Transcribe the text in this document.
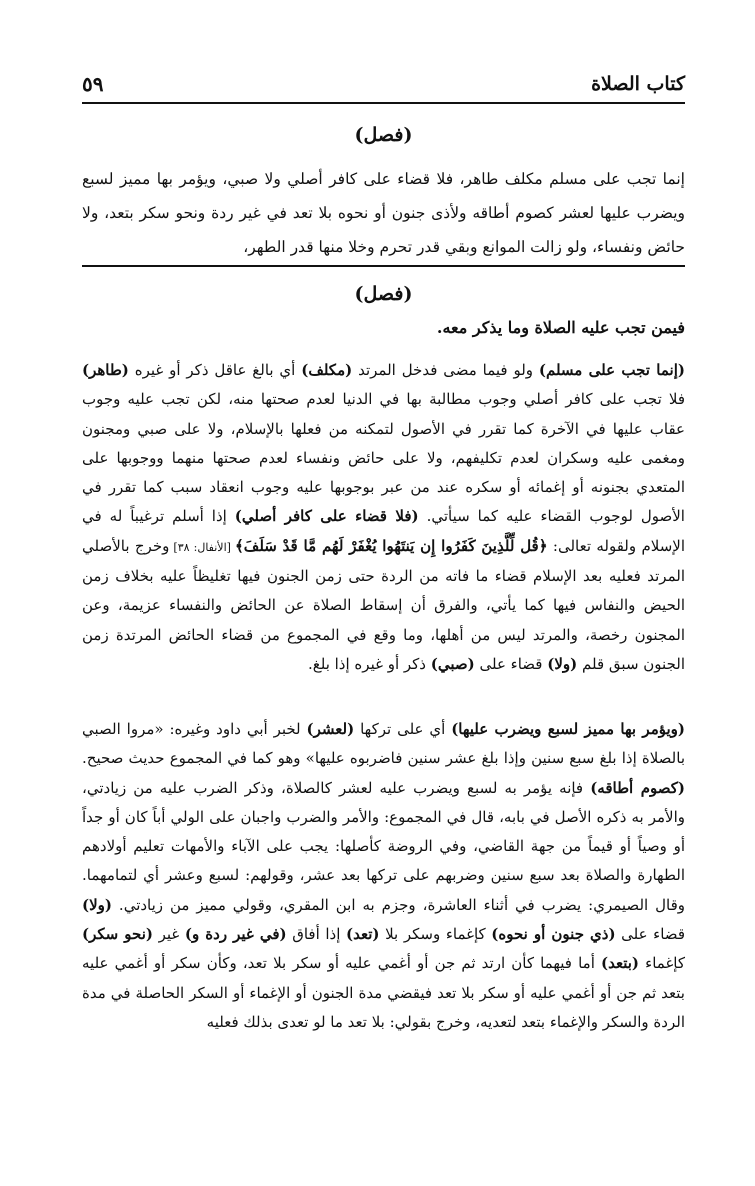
كتاب الصلاة
٥٩
(فصل)
إنما تجب على مسلم مكلف طاهر، فلا قضاء على كافر أصلي ولا صبي، ويؤمر بها مميز لسبع ويضرب عليها لعشر كصوم أطاقه ولأذى جنون أو نحوه بلا تعد في غير ردة ونحو سكر بتعد، ولا حائض ونفساء، ولو زالت الموانع وبقي قدر تحرم وخلا منها قدر الطهر،
(فصل)
فيمن تجب عليه الصلاة وما يذكر معه.

(إنما تجب على مسلم) ولو فيما مضى فدخل المرتد (مكلف) أي بالغ عاقل ذكر أو غيره (طاهر) فلا تجب على كافر أصلي وجوب مطالبة بها في الدنيا لعدم صحتها منه، لكن تجب عليه وجوب عقاب عليها في الآخرة كما تقرر في الأصول لتمكنه من فعلها بالإسلام، ولا على صبي ومجنون ومغمى عليه وسكران لعدم تكليفهم، ولا على حائض ونفساء لعدم صحتها منهما ووجوبها على المتعدي بجنونه أو إغمائه أو سكره عند من عبر بوجوبها عليه وجوب انعقاد سبب كما تقرر في الأصول لوجوب القضاء عليه كما سيأتي. (فلا قضاء على كافر أصلي) إذا أسلم ترغيباً له في الإسلام ولقوله تعالى: ﴿قُل لِّلَّذِينَ كَفَرُوا إِن يَنتَهُوا يُغْفَرْ لَهُم مَّا قَدْ سَلَفَ﴾ [الأنفال: ٣٨] وخرج بالأصلي المرتد فعليه بعد الإسلام قضاء ما فاته من الردة حتى زمن الجنون فيها تغليظاً عليه بخلاف زمن الحيض والنفاس فيها كما يأتي، والفرق أن إسقاط الصلاة عن الحائض والنفساء عزيمة، وعن المجنون رخصة، والمرتد ليس من أهلها، وما وقع في المجموع من قضاء الحائض المرتدة زمن الجنون سبق قلم (ولا) قضاء على (صبي) ذكر أو غيره إذا بلغ.

(ويؤمر بها مميز لسبع ويضرب عليها) أي على تركها (لعشر) لخبر أبي داود وغيره: «مروا الصبي بالصلاة إذا بلغ سبع سنين وإذا بلغ عشر سنين فاضربوه عليها» وهو كما في المجموع حديث صحيح. (كصوم أطاقه) فإنه يؤمر به لسبع ويضرب عليه لعشر كالصلاة، وذكر الضرب عليه من زيادتي، والأمر به ذكره الأصل في بابه، قال في المجموع: والأمر والضرب واجبان على الولي أباً كان أو جداً أو وصياً أو قيماً من جهة القاضي، وفي الروضة كأصلها: يجب على الآباء والأمهات تعليم أولادهم الطهارة والصلاة بعد سبع سنين وضربهم على تركها بعد عشر، وقولهم: لسبع وعشر أي لتمامهما. وقال الصيمري: يضرب في أثناء العاشرة، وجزم به ابن المقري، وقولي مميز من زيادتي. (ولا) قضاء على (ذي جنون أو نحوه) كإغماء وسكر بلا (تعد) إذا أفاق (في غير ردة و) غير (نحو سكر) كإغماء (بتعد) أما فيهما كأن ارتد ثم جن أو أغمي عليه أو سكر بلا تعد، وكأن سكر أو أغمي عليه بتعد ثم جن أو أغمي عليه أو سكر بلا تعد فيقضي مدة الجنون أو الإغماء أو السكر الحاصلة في مدة الردة والسكر والإغماء بتعد لتعديه، وخرج بقولي: بلا تعد ما لو تعدى بذلك فعليه
